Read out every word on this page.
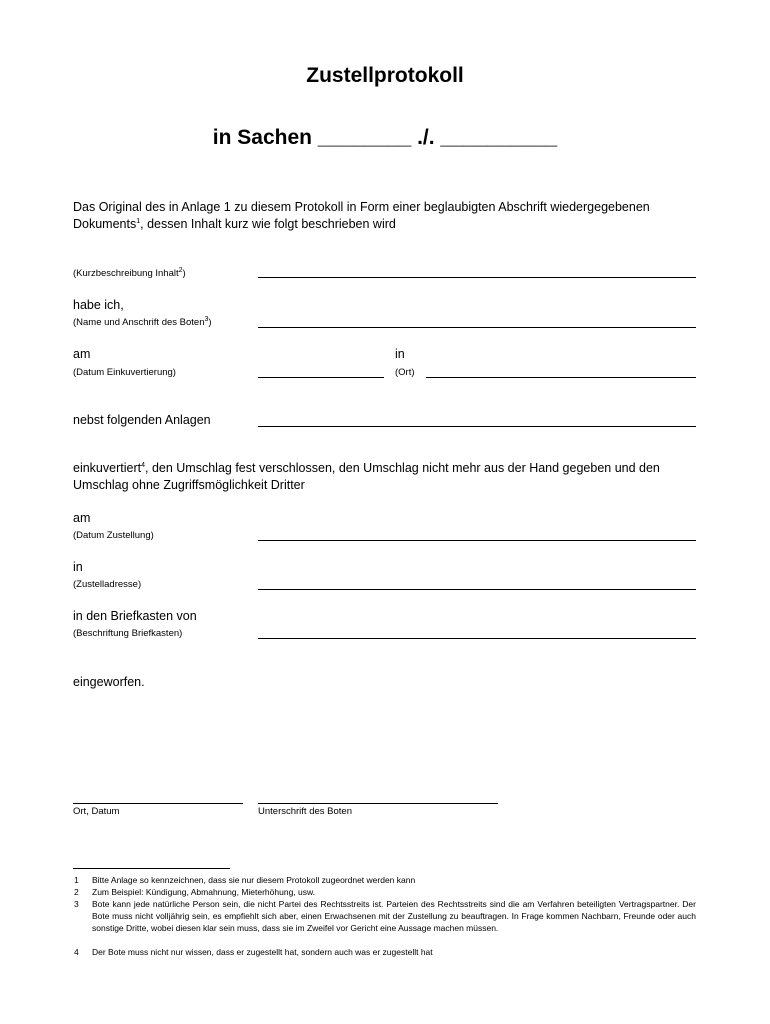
Zustellprotokoll
in Sachen ________ ./. __________
Das Original des in Anlage 1 zu diesem Protokoll in Form einer beglaubigten Abschrift wiedergegebenen
Dokuments$^1$, dessen Inhalt kurz wie folgt beschrieben wird
(Kurzbeschreibung Inhalt$^2$)
habe ich,
(Name und Anschrift des Boten$^3$)
am
(Datum Einkuvertierung)
in
(Ort)
nebst folgenden Anlagen
einkuvertiert$^4$, den Umschlag fest verschlossen, den Umschlag nicht mehr aus der Hand gegeben und den
Umschlag ohne Zugriffsmöglichkeit Dritter
am
(Datum Zustellung)
in
(Zustelladresse)
in den Briefkasten von
(Beschriftung Briefkasten)
eingeworfen.
Ort, Datum	Unterschrift des Boten
1 Bitte Anlage so kennzeichnen, dass sie nur diesem Protokoll zugeordnet werden kann
2 Zum Beispiel: Kündigung, Abmahnung, Mieterhöhung, usw.
3 Bote kann jede natürliche Person sein, die nicht Partei des Rechtsstreits ist. Parteien des Rechtsstreits sind die am Verfahren beteiligten Vertragspartner. Der Bote muss nicht volljährig sein, es empfiehlt sich aber, einen Erwachsenen mit der Zustellung zu beauftragen. In Frage kommen Nachbarn, Freunde oder auch sonstige Dritte, wobei diesen klar sein muss, dass sie im Zweifel vor Gericht eine Aussage machen müssen.
4 Der Bote muss nicht nur wissen, dass er zugestellt hat, sondern auch was er zugestellt hat
